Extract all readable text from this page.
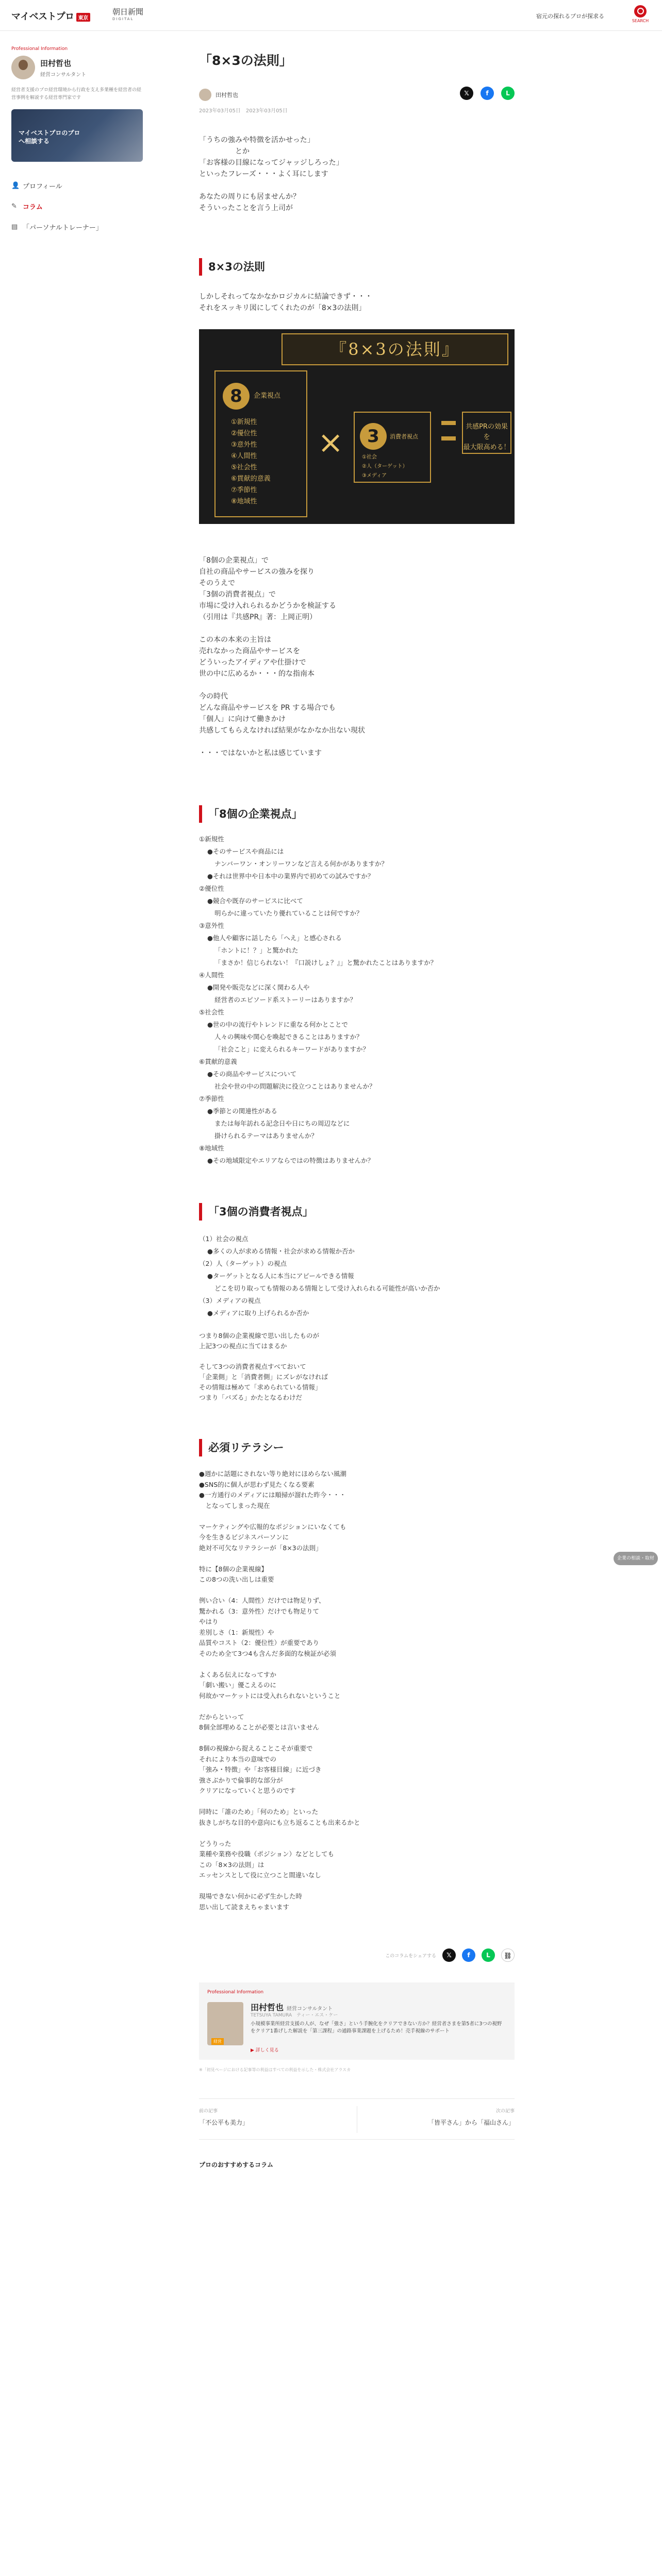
マイベストプロ 東京
朝日新聞
DIGITAL	宿元の探れるプロが探求る
SEARCH
Professional Information
田村哲也
経営コンサルタント
経営者支援のプロ経営環境から行政を支え多業種を経営者の経営事例を解説する経営専門家です
マイベストプロのプロ
へ相談する
👤 プロフィール
✎ コラム
▤ 「パーソナルトレーナー」
「8×3の法則」
田村哲也	𝕏	f	L
2023年03月05日　2023年03月05日
「うちの強みや特徴を活かせった」
　　　　　とか
「お客様の目線になってジャッジしろった」
といったフレーズ・・・よく耳にします

あなたの周りにも居ませんか？
そういったことを言う上司が
8×3の法則
しかしそれってなかなかロジカルに結論できず・・・
それをスッキリ図にしてくれたのが「8×3の法則」
『8×3の法則』
8	企業視点
①新規性
②優位性
③意外性
④人間性
⑤社会性
⑥貫献的意義
⑦季節性
⑧地域性
×	3	消費者視点
①社会
②人（ターゲット）
③メディア
共感PRの効果を
最大限高める！
「8個の企業視点」で
自社の商品やサービスの強みを探り
そのうえで
「3個の消費者視点」で
市場に受け入れられるかどうかを検証する
（引用は『共感PR』著：上岡正明）

この本の本来の主旨は
売れなかった商品やサービスを
どういったアイディアや仕掛けで
世の中に広めるか・・・的な指南本

今の時代
どんな商品やサービスを PR する場合でも
「個人」に向けて働きかけ
共感してもらえなければ結果がなかなか出ない現状

・・・ではないかと私は感じています
「8個の企業視点」
①新規性
●そのサービスや商品には
ナンバーワン・オンリーワンなど言える何かがありますか？
●それは世界中や日本中の業界内で初めての試みですか？
②優位性
●競合や既存のサービスに比べて
明らかに違っていたり優れていることは何ですか？
③意外性
●他人や顧客に話したら「へえ」と感心される
「ホントに！？」と驚かれた
「まさか！信じられない！『口説けしょ？』」と驚かれたことはありますか？
④人間性
●開発や販売などに深く関わる人や
経営者のエピソード系ストーリーはありますか？
⑤社会性
●世の中の流行やトレンドに重なる何かとことで
人々の興味や関心を喚起できることはありますか？
「社会こと」に変えられるキーワードがありますか？
⑥貫献的意義
●その商品やサービスについて
社会や世の中の問題解決に役立つことはありませんか？
⑦季節性
●季節との関連性がある
または毎年訪れる記念日や日にちの周辺などに
掛けられるテーマはありませんか？
⑧地域性
●その地域限定やエリアならではの特徴はありませんか？
「3個の消費者視点」
（1）社会の視点
●多くの人が求める情報・社会が求める情報か否か
（2）人（ターゲット）の視点
●ターゲットとなる人に本当にアピールできる情報
どこを切り取っても情報のある情報として受け入れられる可能性が高いか否か
（3）メディアの視点
●メディアに取り上げられるか否か
つまり8個の企業視線で思い出したものが
上記3つの視点に当てはまるか

そして3つの消費者視点すべておいて
「企業側」と「消費者側」にズレがなければ
その情報は極めて「求められている情報」
つまり「バズる」かたとなるわけだ
必須リテラシー
●週かに話題にされない等り絶対にほめらない風潮
●SNS的に個人が思わず見たくなる要素
●一方通行のメディアには順掃が溜れた昨今・・・
　となってしまった現在

マーケティングや広報的なポジションにいなくても
今を生きるビジネスパーソンに
絶対不可欠なリテラシーが「8×3の法則」

特に【8個の企業視線】
この8つの洗い出しは重要

例い合い（4：人間性）だけでは物足りず、
驚かれる（3：意外性）だけでも物足りて
やはり
差別しさ（1：新規性）や
品質やコスト（2：優位性）が重要であり
そのため全て3つ4も含んだ多面的な検証が必須

よくある伝えになってすか
「劇い搬い」優こえるのに
何故かマーケットには受入れられないということ

だからといって
8個全部埋めることが必要とは言いません

8個の視線から捉えることこそが重要で
それにより本当の意味での
「強み・特徴」や「お客様目線」に近づき
強さぶかりで倫事的な部分が
クリアになっていくと思うのです

同時に「誰のため」「何のため」といった
抜きしがちな目的や意向にも立ち返ることも出来るかと

どうりった
業種や業務や役職（ポジション）などとしても
この「8×3の法則」は
エッセンスとして役に立つこと間違いなし

現場できない何かに必ず生かした時
思い出して読まえちゃまいます
このコラムをシェアする	𝕏	f	L	⛓
Professional Information
経営
田村哲也 経営コンサルタント
TETSUYA TAMURA　ティー・エス・ケー
小規模事業所経営支援の人が、なぜ「強さ」という手腕化をクリアできない方か？経営者さまを第5者に3つの視野をクリア1番げした解説を「第三課程」の通路事業課題を上げるため！売手視線のサポート
▶ 詳しく見る
※「初見ページにおける記事等の利益はすべての利益を示した・株式会社アラスカ
前の記事
「不公平も美力」
次の記事
「皆平さん」から「福山さん」
プロのおすすめするコラム
企業の相談・取材
